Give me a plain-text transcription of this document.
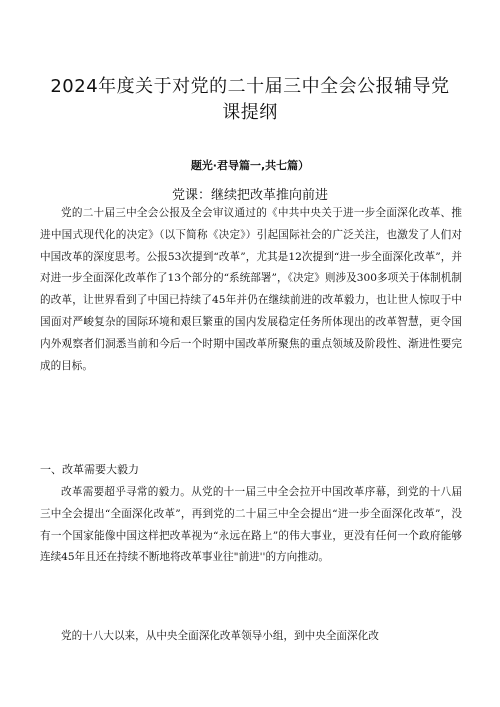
2024年度关于对党的二十届三中全会公报辅导党课提纲
题光·君导篇一,共七篇）
党课：继续把改革推向前进

党的二十届三中全会公报及全会审议通过的《中共中央关于进一步全面深化改革、推进中国式现代化的决定》（以下简称《决定》）引起国际社会的广泛关注，也激发了人们对中国改革的深度思考。公报53次提到“改革”，尤其是12次提到“进一步全面深化改革”，并对进一步全面深化改革作了13个部分的“系统部署”，《决定》则涉及300多项关于体制机制的改革，让世界看到了中国已持续了45年并仍在继续前进的改革毅力，也让世人惊叹于中国面对严峻复杂的国际环境和艰巨繁重的国内发展稳定任务所体现出的改革智慧，更令国内外观察者们洞悉当前和今后一个时期中国改革所聚焦的重点领域及阶段性、渐进性要完成的目标。

一、改革需要大毅力

改革需要超乎寻常的毅力。从党的十一届三中全会拉开中国改革序幕，到党的十八届三中全会提出“全面深化改革”，再到党的二十届三中全会提出“进一步全面深化改革”，没有一个国家能像中国这样把改革视为“永远在路上”的伟大事业，更没有任何一个政府能够连续45年且还在持续不断地将改革事业往"前进''的方向推动。

党的十八大以来，从中央全面深化改革领导小组，到中央全面深化改
